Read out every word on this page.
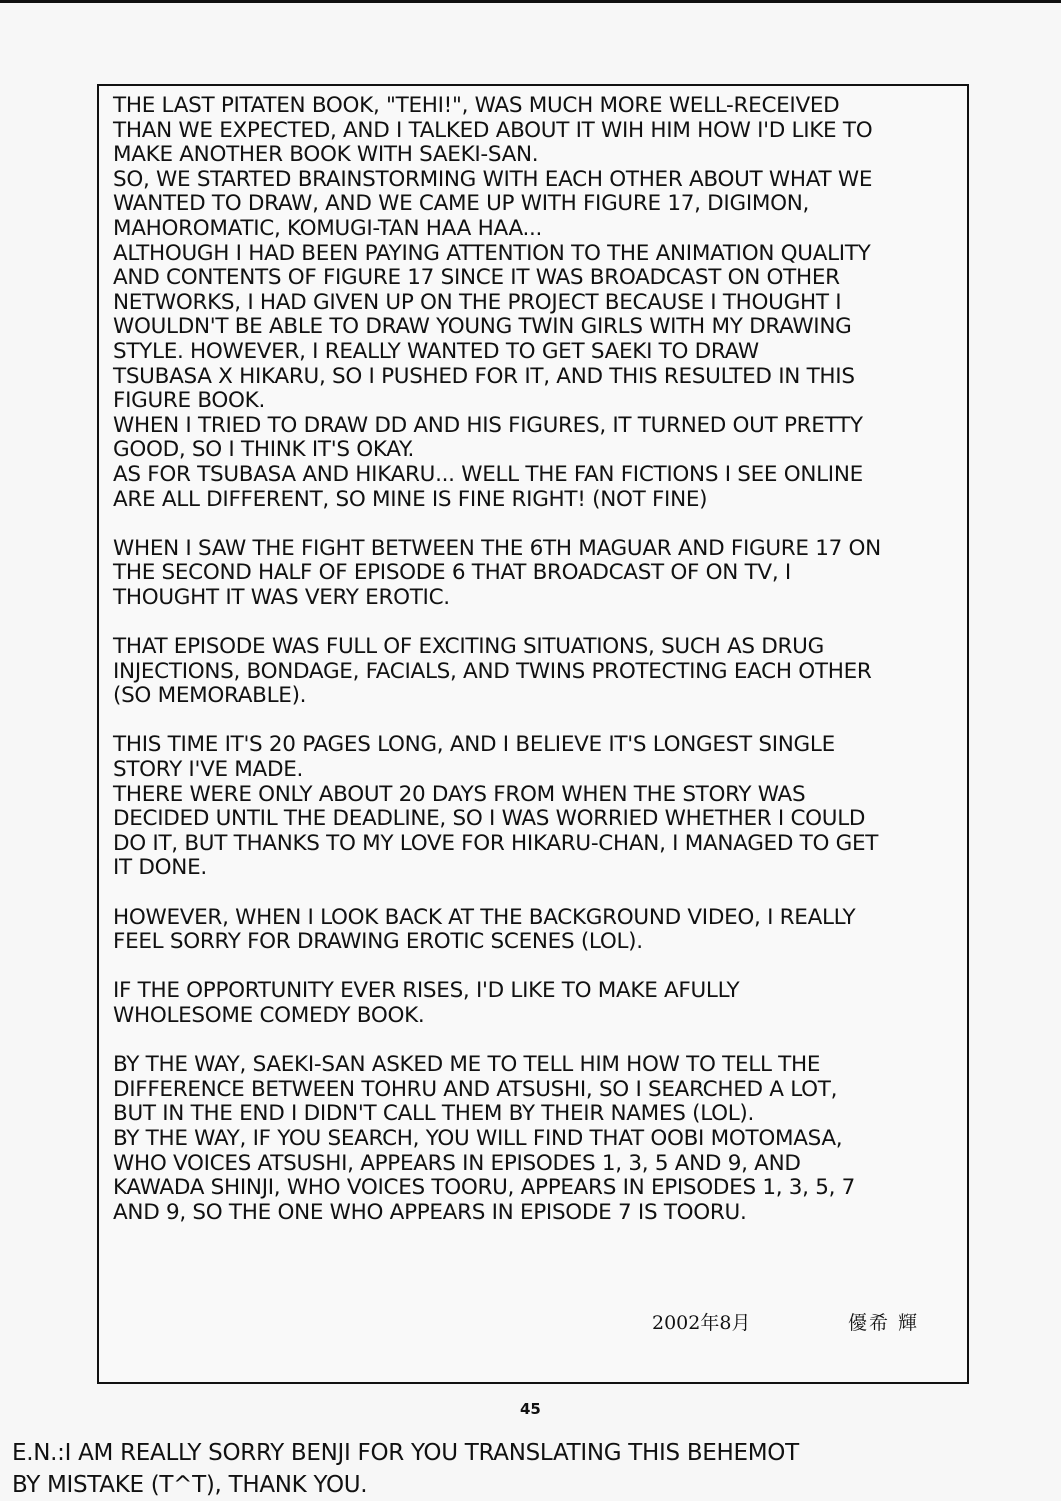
THE LAST PITATEN BOOK, "TEHI!", WAS MUCH MORE WELL-RECEIVED
THAN WE EXPECTED, AND I TALKED ABOUT IT WIH HIM HOW I'D LIKE TO
MAKE ANOTHER BOOK WITH SAEKI-SAN.
SO, WE STARTED BRAINSTORMING WITH EACH OTHER ABOUT WHAT WE
WANTED TO DRAW, AND WE CAME UP WITH FIGURE 17, DIGIMON,
MAHOROMATIC, KOMUGI-TAN HAA HAA...
ALTHOUGH I HAD BEEN PAYING ATTENTION TO THE ANIMATION QUALITY
AND CONTENTS OF FIGURE 17 SINCE IT WAS BROADCAST ON OTHER
NETWORKS, I HAD GIVEN UP ON THE PROJECT BECAUSE I THOUGHT I
WOULDN'T BE ABLE TO DRAW YOUNG TWIN GIRLS WITH MY DRAWING
STYLE. HOWEVER, I REALLY WANTED TO GET SAEKI TO DRAW
TSUBASA X HIKARU, SO I PUSHED FOR IT, AND THIS RESULTED IN THIS
FIGURE BOOK.
WHEN I TRIED TO DRAW DD AND HIS FIGURES, IT TURNED OUT PRETTY
GOOD, SO I THINK IT'S OKAY.
AS FOR TSUBASA AND HIKARU... WELL THE FAN FICTIONS I SEE ONLINE
ARE ALL DIFFERENT, SO MINE IS FINE RIGHT! (NOT FINE)

WHEN I SAW THE FIGHT BETWEEN THE 6TH MAGUAR AND FIGURE 17 ON
THE SECOND HALF OF EPISODE 6 THAT BROADCAST OF ON TV, I
THOUGHT IT WAS VERY EROTIC.

THAT EPISODE WAS FULL OF EXCITING SITUATIONS, SUCH AS DRUG
INJECTIONS, BONDAGE, FACIALS, AND TWINS PROTECTING EACH OTHER
(SO MEMORABLE).

THIS TIME IT'S 20 PAGES LONG, AND I BELIEVE IT'S LONGEST SINGLE
STORY I'VE MADE.
THERE WERE ONLY ABOUT 20 DAYS FROM WHEN THE STORY WAS
DECIDED UNTIL THE DEADLINE, SO I WAS WORRIED WHETHER I COULD
DO IT, BUT THANKS TO MY LOVE FOR HIKARU-CHAN, I MANAGED TO GET
IT DONE.

HOWEVER, WHEN I LOOK BACK AT THE BACKGROUND VIDEO, I REALLY
FEEL SORRY FOR DRAWING EROTIC SCENES (LOL).

IF THE OPPORTUNITY EVER RISES, I'D LIKE TO MAKE AFULLY
WHOLESOME COMEDY BOOK.

BY THE WAY, SAEKI-SAN ASKED ME TO TELL HIM HOW TO TELL THE
DIFFERENCE BETWEEN TOHRU AND ATSUSHI, SO I SEARCHED A LOT,
BUT IN THE END I DIDN'T CALL THEM BY THEIR NAMES (LOL).
BY THE WAY, IF YOU SEARCH, YOU WILL FIND THAT OOBI MOTOMASA,
WHO VOICES ATSUSHI, APPEARS IN EPISODES 1, 3, 5 AND 9, AND
KAWADA SHINJI, WHO VOICES TOORU, APPEARS IN EPISODES 1, 3, 5, 7
AND 9, SO THE ONE WHO APPEARS IN EPISODE 7 IS TOORU.

2002年8月	優希 輝
45
E.N.:I AM REALLY SORRY BENJI FOR YOU TRANSLATING THIS BEHEMOT
BY MISTAKE (T^T), THANK YOU.
